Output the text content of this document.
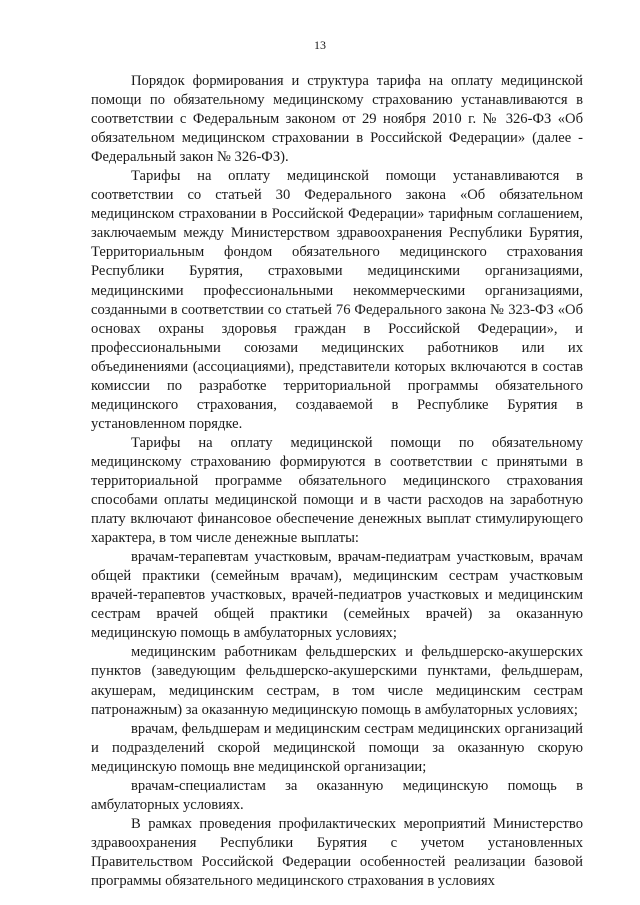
13

Порядок формирования и структура тарифа на оплату медицинской помощи по обязательному медицинскому страхованию устанавливаются в соответствии с Федеральным законом от 29 ноября 2010 г. № 326-ФЗ «Об обязательном медицинском страховании в Российской Федерации» (далее - Федеральный закон № 326-ФЗ).

Тарифы на оплату медицинской помощи устанавливаются в соответствии со статьей 30 Федерального закона «Об обязательном медицинском страховании в Российской Федерации» тарифным соглашением, заключаемым между Министерством здравоохранения Республики Бурятия, Территориальным фондом обязательного медицинского страхования Республики Бурятия, страховыми медицинскими организациями, медицинскими профессиональными некоммерческими организациями, созданными в соответствии со статьей 76 Федерального закона № 323-ФЗ «Об основах охраны здоровья граждан в Российской Федерации», и профессиональными союзами медицинских работников или их объединениями (ассоциациями), представители которых включаются в состав комиссии по разработке территориальной программы обязательного медицинского страхования, создаваемой в Республике Бурятия в установленном порядке.

Тарифы на оплату медицинской помощи по обязательному медицинскому страхованию формируются в соответствии с принятыми в территориальной программе обязательного медицинского страхования способами оплаты медицинской помощи и в части расходов на заработную плату включают финансовое обеспечение денежных выплат стимулирующего характера, в том числе денежные выплаты:

врачам-терапевтам участковым, врачам-педиатрам участковым, врачам общей практики (семейным врачам), медицинским сестрам участковым врачей-терапевтов участковых, врачей-педиатров участковых и медицинским сестрам врачей общей практики (семейных врачей) за оказанную медицинскую помощь в амбулаторных условиях;

медицинским работникам фельдшерских и фельдшерско-акушерских пунктов (заведующим фельдшерско-акушерскими пунктами, фельдшерам, акушерам, медицинским сестрам, в том числе медицинским сестрам патронажным) за оказанную медицинскую помощь в амбулаторных условиях;

врачам, фельдшерам и медицинским сестрам медицинских организаций и подразделений скорой медицинской помощи за оказанную скорую медицинскую помощь вне медицинской организации;

врачам-специалистам за оказанную медицинскую помощь в амбулаторных условиях.

В рамках проведения профилактических мероприятий Министерство здравоохранения Республики Бурятия с учетом установленных Правительством Российской Федерации особенностей реализации базовой программы обязательного медицинского страхования в условиях
